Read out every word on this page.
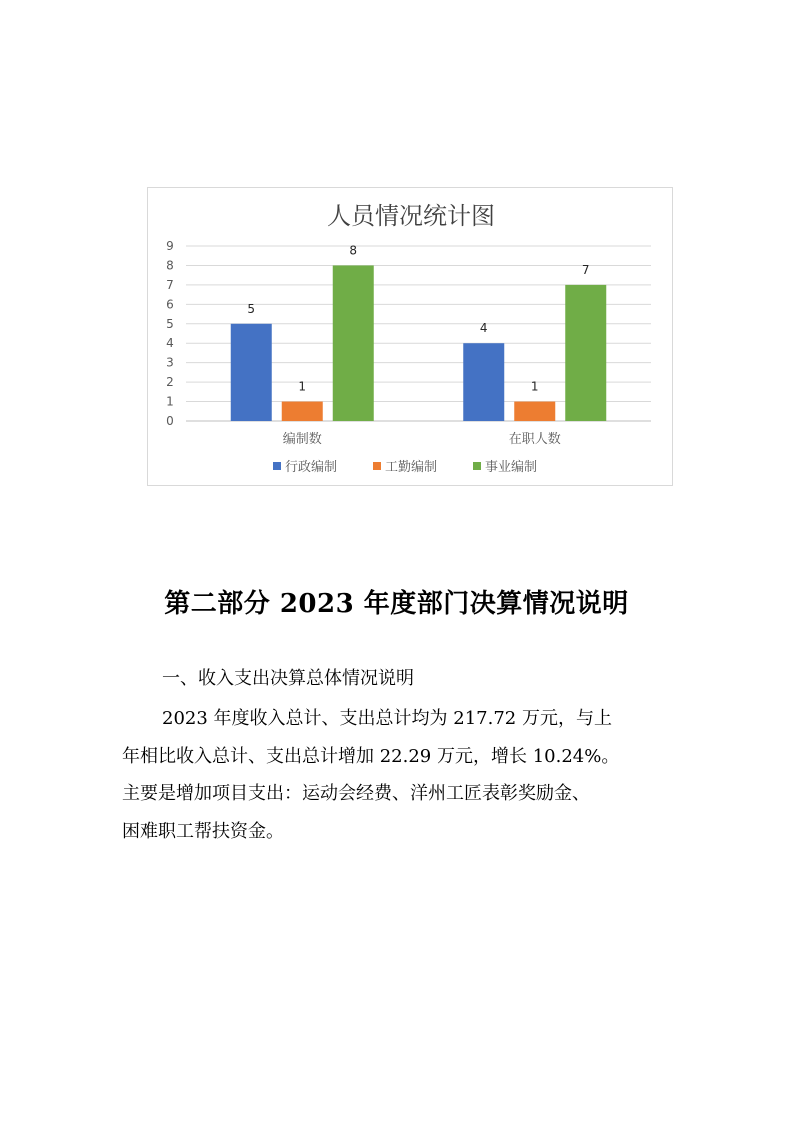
人员情况统计图
0
1
2
3
4
5
6
7
8
9
5
1
8
编制数
4
1
7
在职人数
行政编制	工勤编制	事业编制
第二部分 2023 年度部门决算情况说明
一、收入支出决算总体情况说明
2023 年度收入总计、支出总计均为 217.72 万元，与上
年相比收入总计、支出总计增加 22.29 万元，增长 10.24%。
主要是增加项目支出：运动会经费、洋州工匠表彰奖励金、
困难职工帮扶资金。
